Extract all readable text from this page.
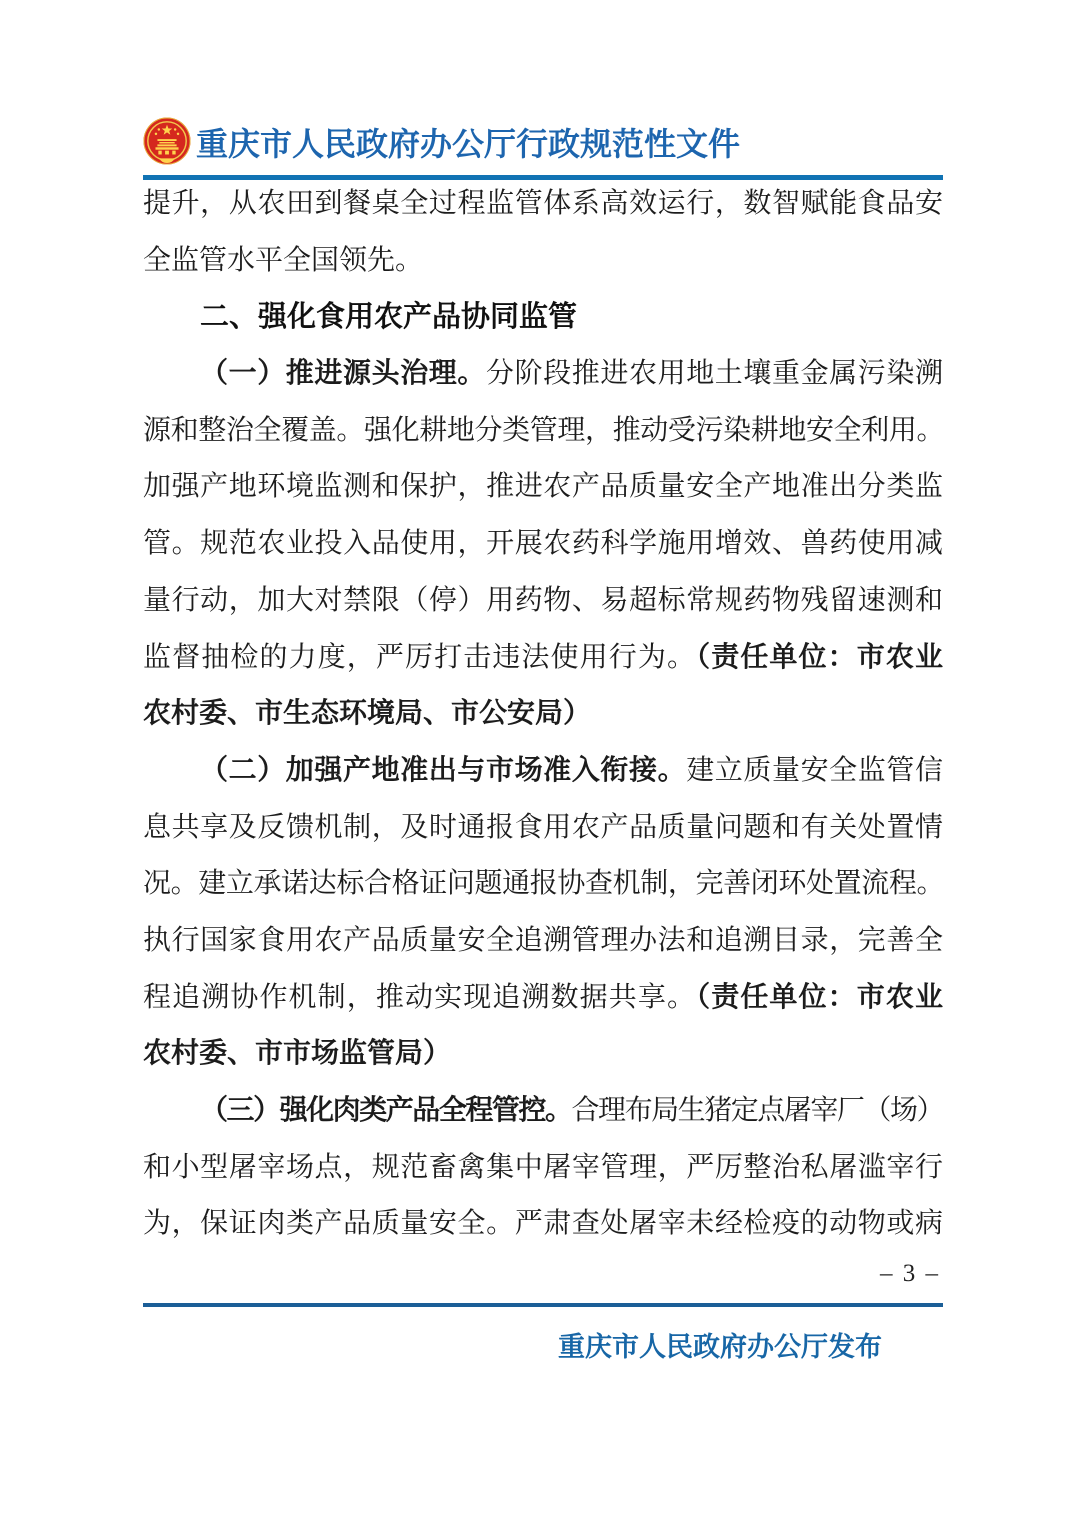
重庆市人民政府办公厅行政规范性文件
提升，从农田到餐桌全过程监管体系高效运行，数智赋能食品安
全监管水平全国领先。
二、强化食用农产品协同监管
（一）推进源头治理。分阶段推进农用地土壤重金属污染溯
源和整治全覆盖。强化耕地分类管理，推动受污染耕地安全利用。
加强产地环境监测和保护，推进农产品质量安全产地准出分类监
管。规范农业投入品使用，开展农药科学施用增效、兽药使用减
量行动，加大对禁限（停）用药物、易超标常规药物残留速测和
监督抽检的力度，严厉打击违法使用行为。（责任单位：市农业
农村委、市生态环境局、市公安局）
（二）加强产地准出与市场准入衔接。建立质量安全监管信
息共享及反馈机制，及时通报食用农产品质量问题和有关处置情
况。建立承诺达标合格证问题通报协查机制，完善闭环处置流程。
执行国家食用农产品质量安全追溯管理办法和追溯目录，完善全
程追溯协作机制，推动实现追溯数据共享。（责任单位：市农业
农村委、市市场监管局）
（三）强化肉类产品全程管控。合理布局生猪定点屠宰厂（场）
和小型屠宰场点，规范畜禽集中屠宰管理，严厉整治私屠滥宰行
为，保证肉类产品质量安全。严肃查处屠宰未经检疫的动物或病
– 3 –
重庆市人民政府办公厅发布
